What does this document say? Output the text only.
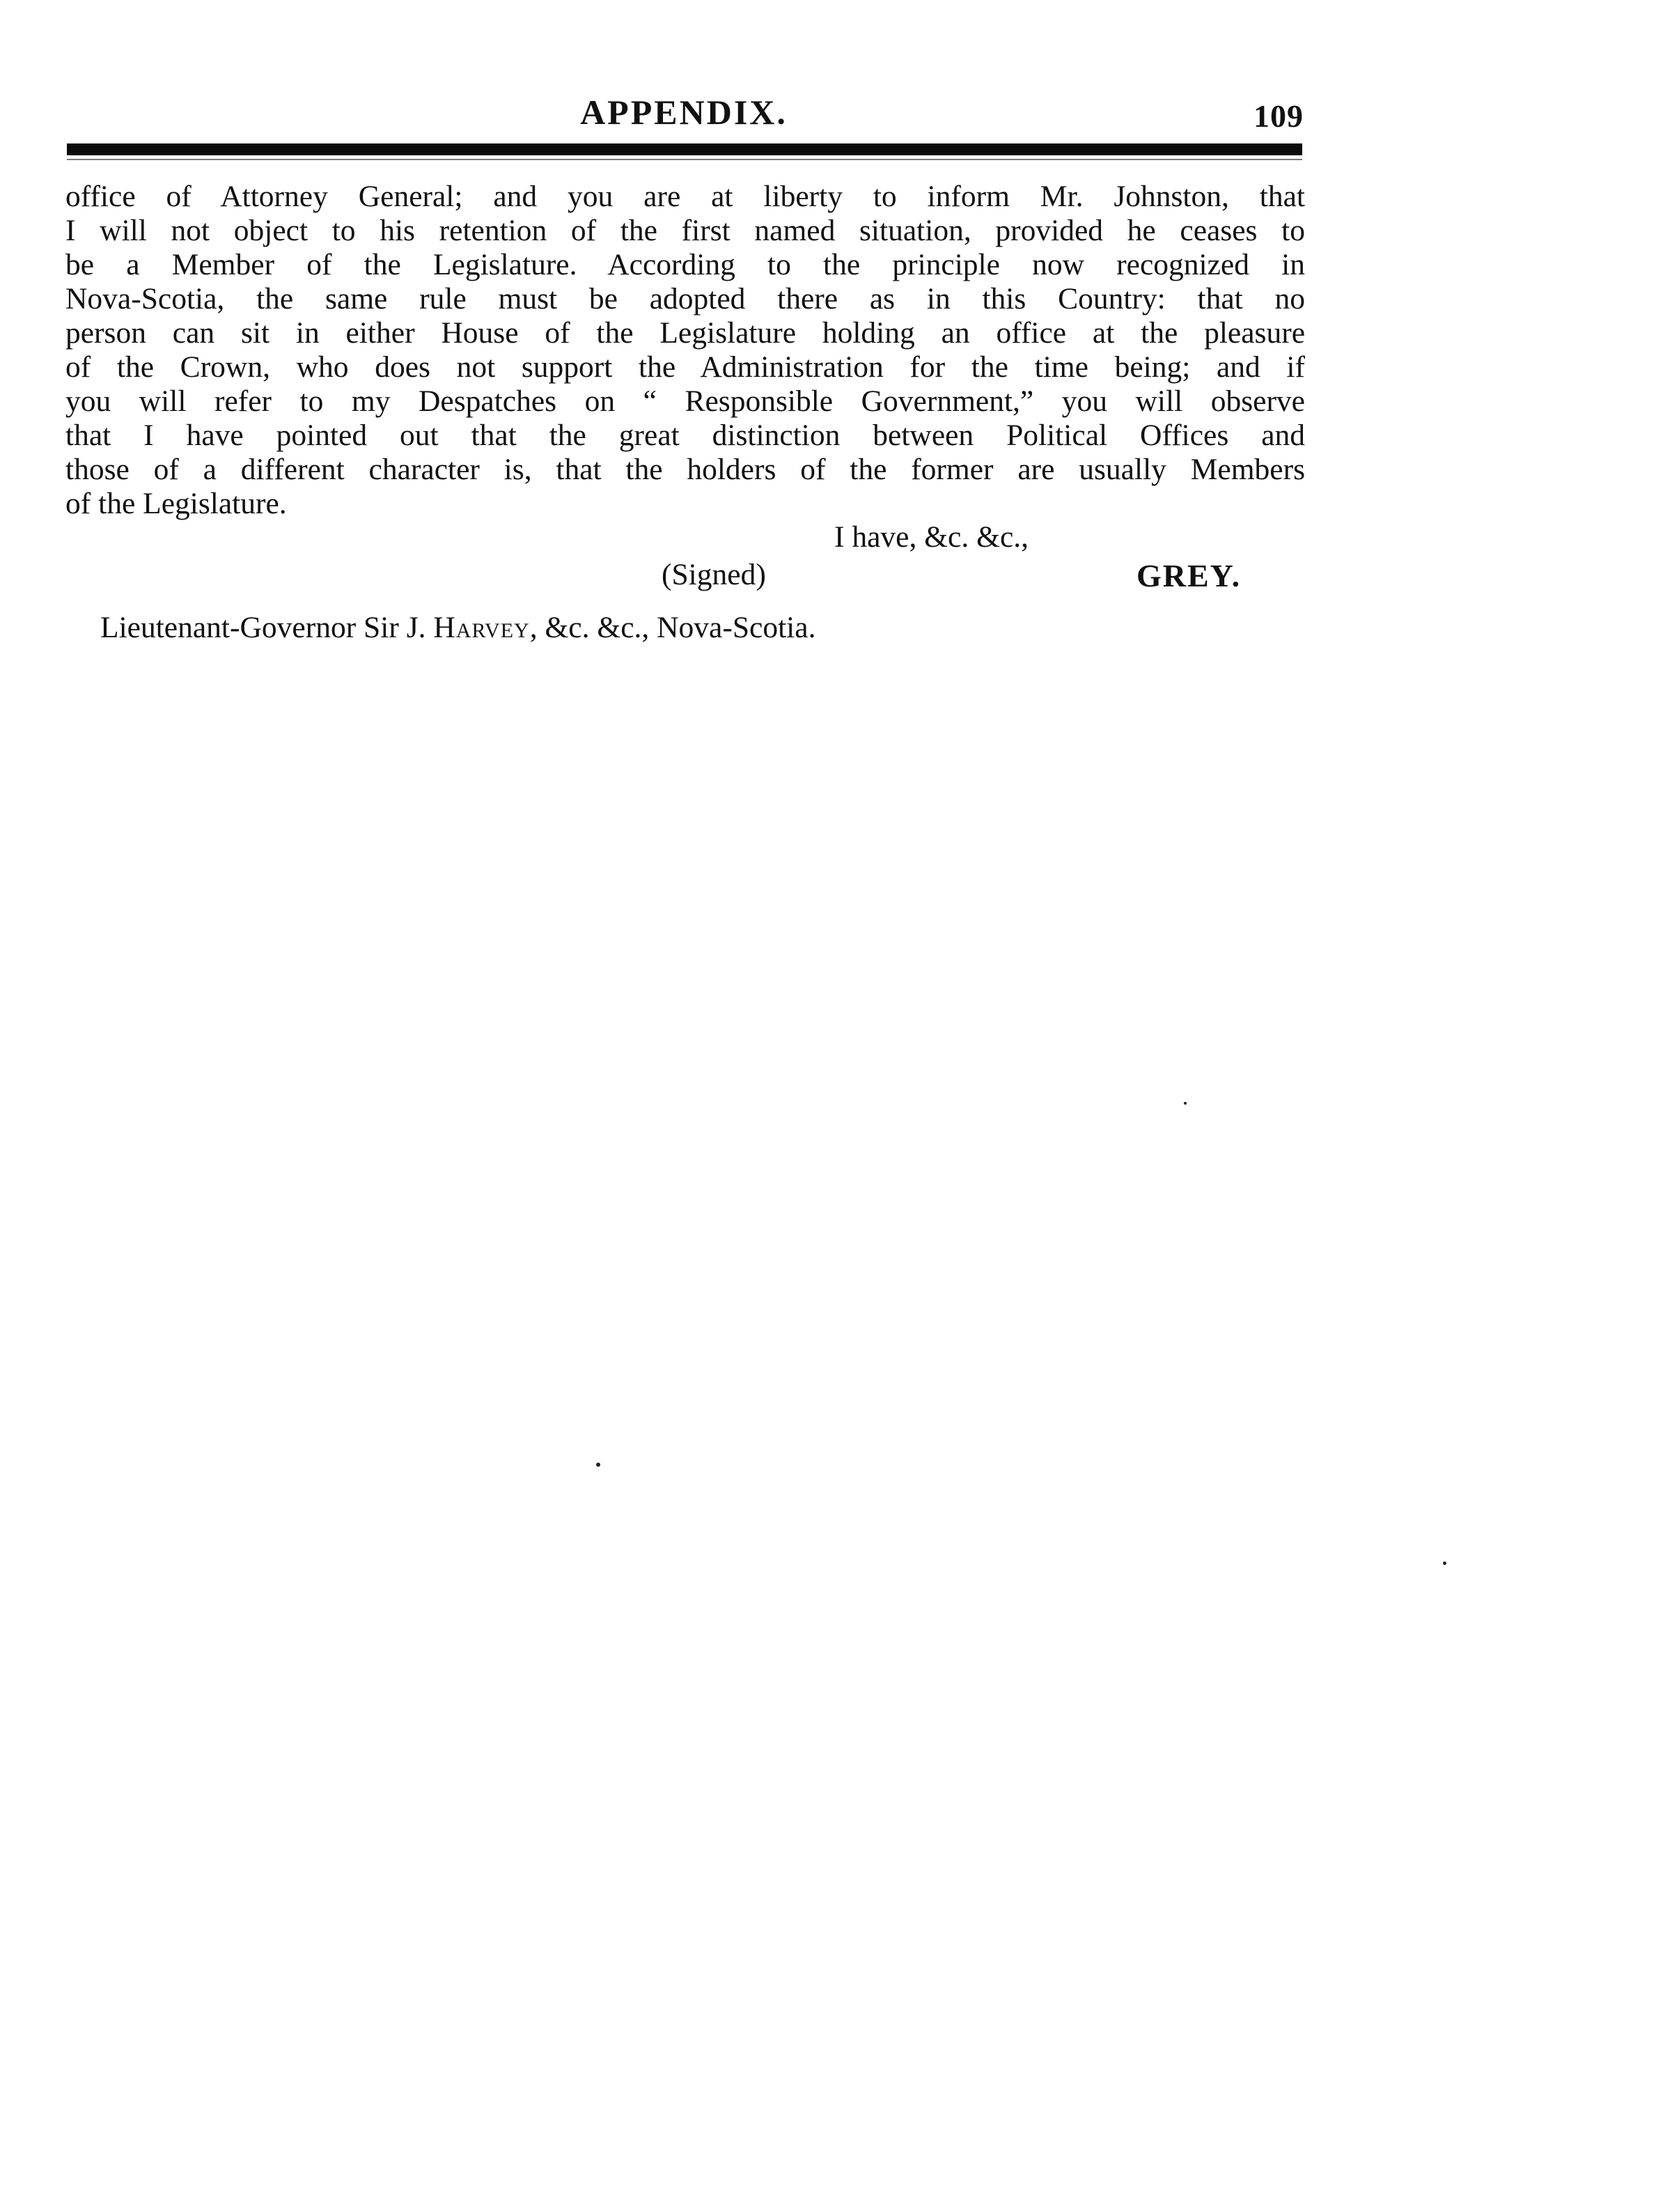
APPENDIX.	109
office of Attorney General; and you are at liberty to inform Mr. Johnston, that
I will not object to his retention of the first named situation, provided he ceases to
be a Member of the Legislature. According to the principle now recognized in
Nova-Scotia, the same rule must be adopted there as in this Country: that no
person can sit in either House of the Legislature holding an office at the pleasure
of the Crown, who does not support the Administration for the time being; and if
you will refer to my Despatches on “ Responsible Government,” you will observe
that I have pointed out that the great distinction between Political Offices and
those of a different character is, that the holders of the former are usually Members
of the Legislature.
I have, &c. &c.,
(Signed)	GREY.
Lieutenant-Governor Sir J. Harvey, &c. &c., Nova-Scotia.
